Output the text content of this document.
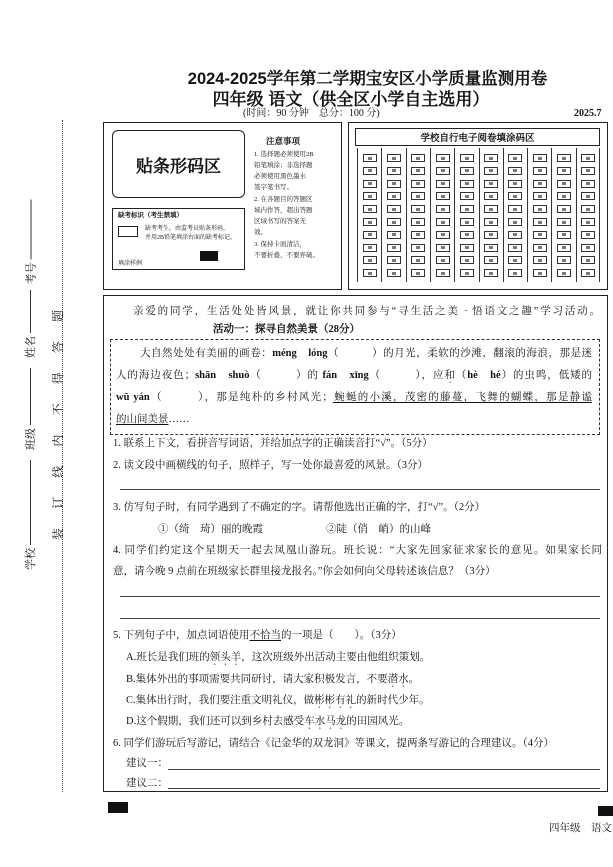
2024-2025学年第二学期宝安区小学质量监测用卷
四年级 语文（供全区小学自主选用）
(时间：90 分钟　总分：100 分)	2025.7
装订线内不得答题
考号
姓名
班级
学校
贴条形码区
注意事项
1. 选择题必须使用2B
铅笔填涂；非选择题
必须使用黑色墨水
签字笔书写。
2. 在各题目的答题区
域内作答，超出答题
区域书写的答案无
效。
3. 保持卡面清洁，
不要折叠、不要弄破。
缺考标识（考生禁填）
缺考考生，由监考员贴条形码，
并用2B铅笔填涂右面的缺考标记。
填涂样例
学校自行电子阅卷填涂码区
亲爱的同学，生活处处皆风景，就让你共同参与“寻生活之美 · 悟语文之趣”学习活动。
活动一：探寻自然美景（28分）
大自然处处有美丽的画卷：méng　lóng（　　　）的月光，柔软的沙滩，翻滚的海浪，那是迷
人的海边夜色；shān　shuò（　　　）的 fán　xīng（　　　），应和（hè　hé）的虫鸣，低矮的
wū yán（　　　），那是纯朴的乡村风光；蜿蜒的小溪，茂密的藤蔓，飞舞的蝴蝶，那是静谧
的山间美景……
1. 联系上下文，看拼音写词语，并给加点字的正确读音打“√”。（5分）
2. 读文段中画横线的句子，照样子，写一处你最喜爱的风景。（3分）
3. 仿写句子时，有同学遇到了不确定的字。请帮他选出正确的字，打“√”。（2分）
①（绮　琦）丽的晚霞	②陡（俏　峭）的山峰
4. 同学们约定这个星期天一起去凤凰山游玩。班长说：“大家先回家征求家长的意见。如果家长同
意，请今晚 9 点前在班级家长群里接龙报名。”你会如何向父母转述该信息？（3分）
5. 下列句子中，加点词语使用不恰当的一项是（　　）。（3分）
A.班长是我们班的领头羊，这次班级外出活动主要由他组织策划。
B.集体外出的事项需要共同研讨，请大家积极发言，不要潜水。
C.集体出行时，我们要注重文明礼仪，做彬彬有礼的新时代少年。
D.这个假期，我们还可以到乡村去感受车水马龙的田园风光。
6. 同学们游玩后写游记，请结合《记金华的双龙洞》等课文，提两条写游记的合理建议。（4分）
建议一：
建议二：
四年级　语文
